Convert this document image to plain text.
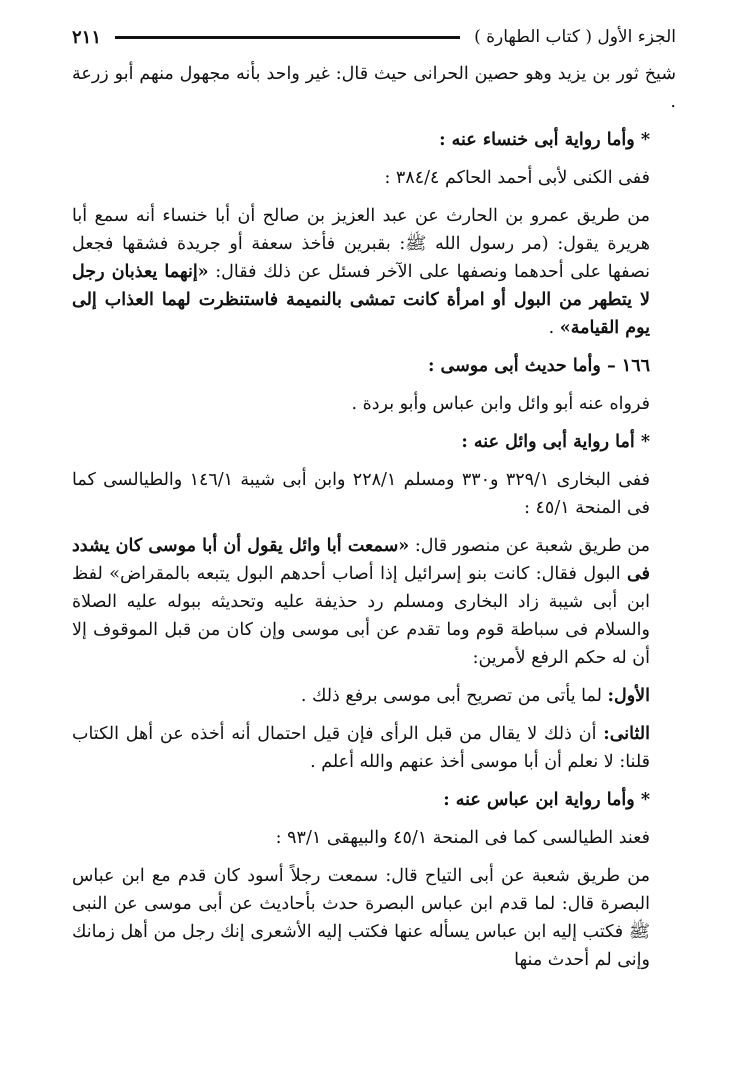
الجزء الأول ( كتاب الطهارة )
٢١١

شيخ ثور بن يزيد وهو حصين الحرانى حيث قال: غير واحد بأنه مجهول منهم أبو زرعة .

* وأما رواية أبى خنساء عنه :

ففى الكنى لأبى أحمد الحاكم ٣٨٤/٤ :

من طريق عمرو بن الحارث عن عبد العزيز بن صالح أن أبا خنساء أنه سمع أبا هريرة يقول: (مر رسول الله ﷺ: بقبرين فأخذ سعفة أو جريدة فشقها فجعل نصفها على أحدهما ونصفها على الآخر فسئل عن ذلك فقال: «إنهما يعذبان رجل لا يتطهر من البول أو امرأة كانت تمشى بالنميمة فاستنظرت لهما العذاب إلى يوم القيامة» .

١٦٦ – وأما حديث أبى موسى :

فرواه عنه أبو وائل وابن عباس وأبو بردة .

* أما رواية أبى وائل عنه :

ففى البخارى ٣٢٩/١ و٣٣٠ ومسلم ٢٢٨/١ وابن أبى شيبة ١٤٦/١ والطيالسى كما فى المنحة ٤٥/١ :

من طريق شعبة عن منصور قال: «سمعت أبا وائل يقول أن أبا موسى كان يشدد فى البول فقال: كانت بنو إسرائيل إذا أصاب أحدهم البول يتبعه بالمقراض» لفظ ابن أبى شيبة زاد البخارى ومسلم رد حذيفة عليه وتحديثه ببوله عليه الصلاة والسلام فى سباطة قوم وما تقدم عن أبى موسى وإن كان من قبل الموقوف إلا أن له حكم الرفع لأمرين:

الأول: لما يأتى من تصريح أبى موسى برفع ذلك .

الثانى: أن ذلك لا يقال من قبل الرأى فإن قيل احتمال أنه أخذه عن أهل الكتاب قلنا: لا نعلم أن أبا موسى أخذ عنهم والله أعلم .

* وأما رواية ابن عباس عنه :

فعند الطيالسى كما فى المنحة ٤٥/١ والبيهقى ٩٣/١ :

من طريق شعبة عن أبى التياح قال: سمعت رجلاً أسود كان قدم مع ابن عباس البصرة قال: لما قدم ابن عباس البصرة حدث بأحاديث عن أبى موسى عن النبى ﷺ فكتب إليه ابن عباس يسأله عنها فكتب إليه الأشعرى إنك رجل من أهل زمانك وإنى لم أحدث منها
